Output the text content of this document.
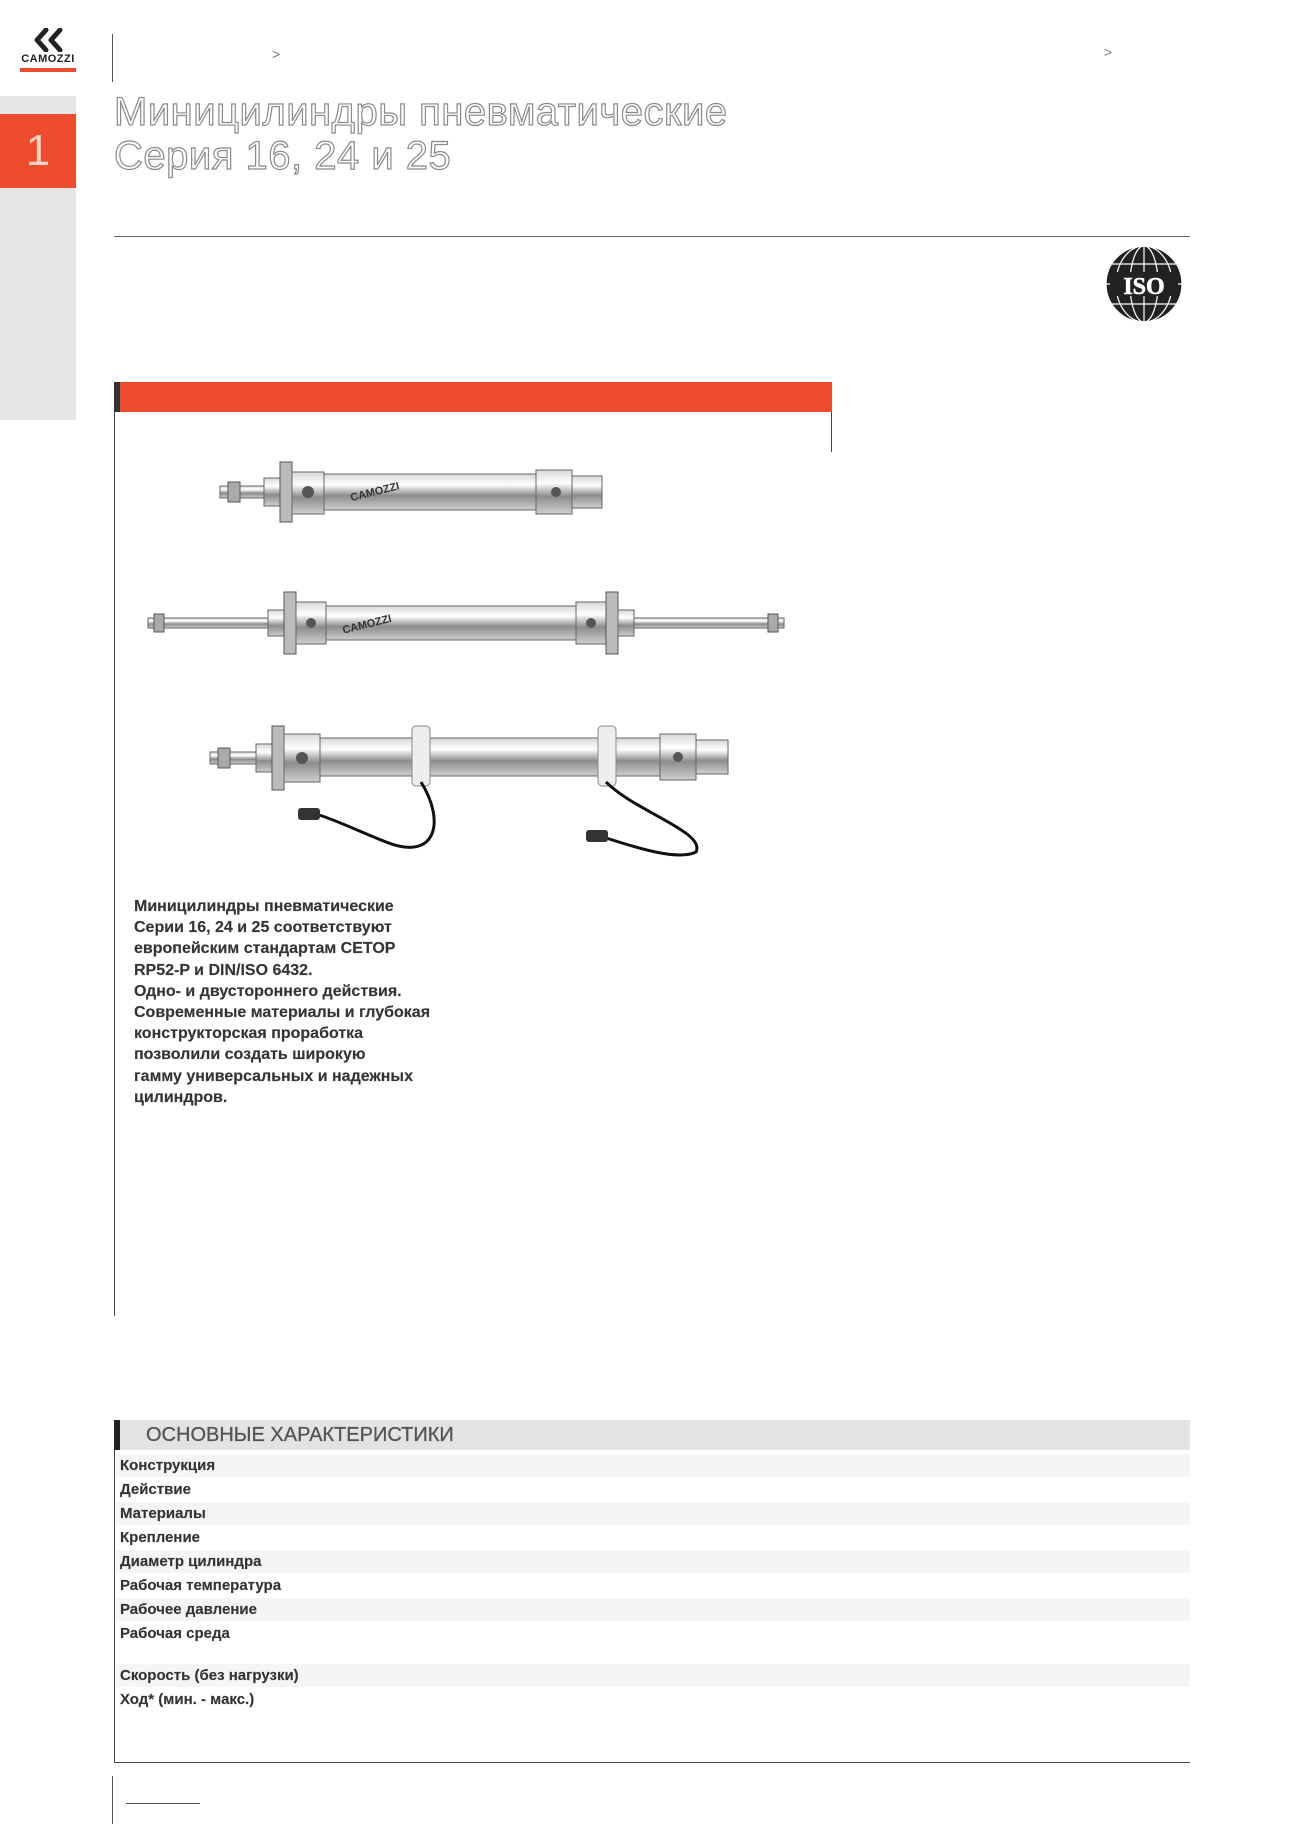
1
CAMOZZI	>	>
Миницилиндры пневматические
Серия 16, 24 и 25
ISO
CAMOZZI
CAMOZZI
Миницилиндры пневматические
Серии 16, 24 и 25 соответствуют
европейским стандартам CETOP
RP52-P и DIN/ISO 6432.
Одно- и двустороннего действия.
Современные материалы и глубокая
конструкторская проработка
позволили создать широкую
гамму универсальных и надежных
цилиндров.
ОСНОВНЫЕ ХАРАКТЕРИСТИКИ
Конструкция
Действие
Материалы
Крепление
Диаметр цилиндра
Рабочая температура
Рабочее давление
Рабочая среда
Скорость (без нагрузки)
Ход* (мин. - макс.)
